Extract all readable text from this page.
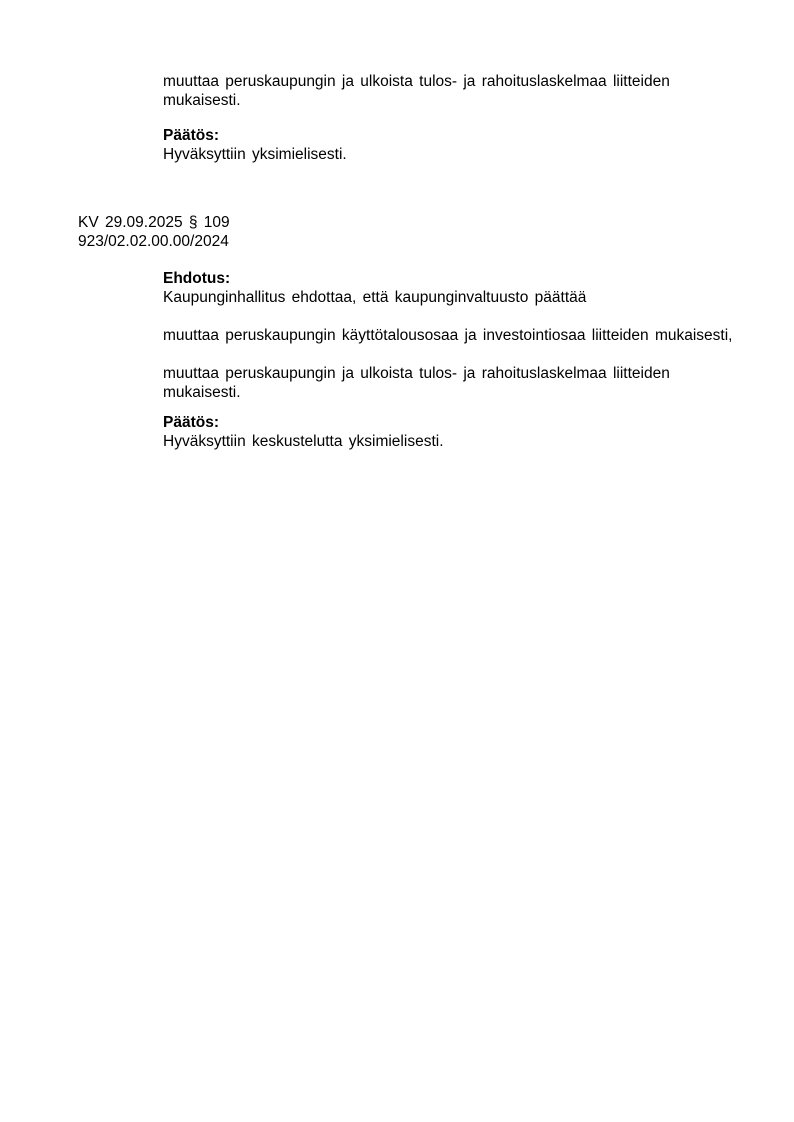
muuttaa peruskaupungin ja ulkoista tulos- ja rahoituslaskelmaa liitteiden
mukaisesti.
Päätös:
Hyväksyttiin yksimielisesti.
KV 29.09.2025 § 109
923/02.02.00.00/2024
Ehdotus:
Kaupunginhallitus ehdottaa, että kaupunginvaltuusto päättää
muuttaa peruskaupungin käyttötalousosaa ja investointiosaa liitteiden mukaisesti,
muuttaa peruskaupungin ja ulkoista tulos- ja rahoituslaskelmaa liitteiden
mukaisesti.
Päätös:
Hyväksyttiin keskustelutta yksimielisesti.
